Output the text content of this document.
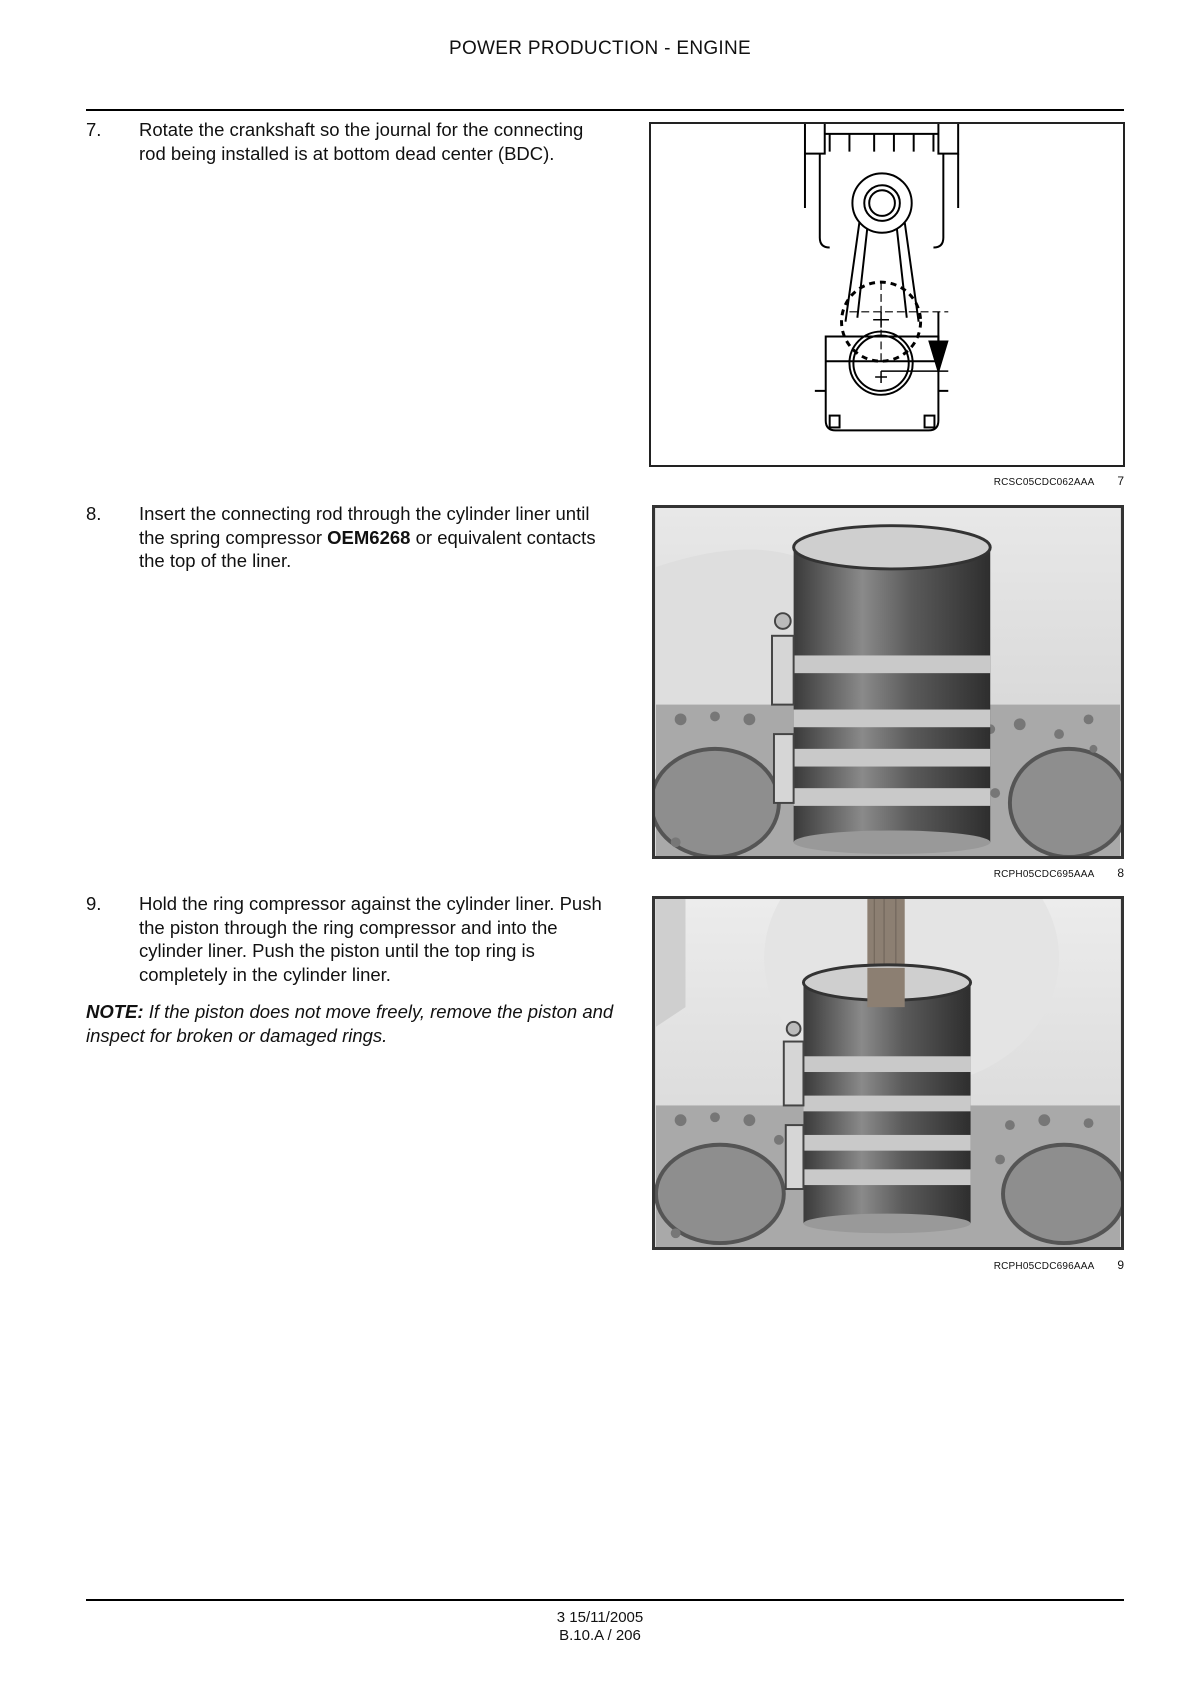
POWER PRODUCTION - ENGINE
7. Rotate the crankshaft so the journal for the connecting rod being installed is at bottom dead center (BDC).
RCSC05CDC062AAA 7
8. Insert the connecting rod through the cylinder liner until the spring compressor OEM6268 or equivalent contacts the top of the liner.
RCPH05CDC695AAA 8
9. Hold the ring compressor against the cylinder liner. Push the piston through the ring compressor and into the cylinder liner. Push the piston until the top ring is completely in the cylinder liner.
NOTE: If the piston does not move freely, remove the piston and inspect for broken or damaged rings.
RCPH05CDC696AAA 9
3 15/11/2005
B.10.A / 206
